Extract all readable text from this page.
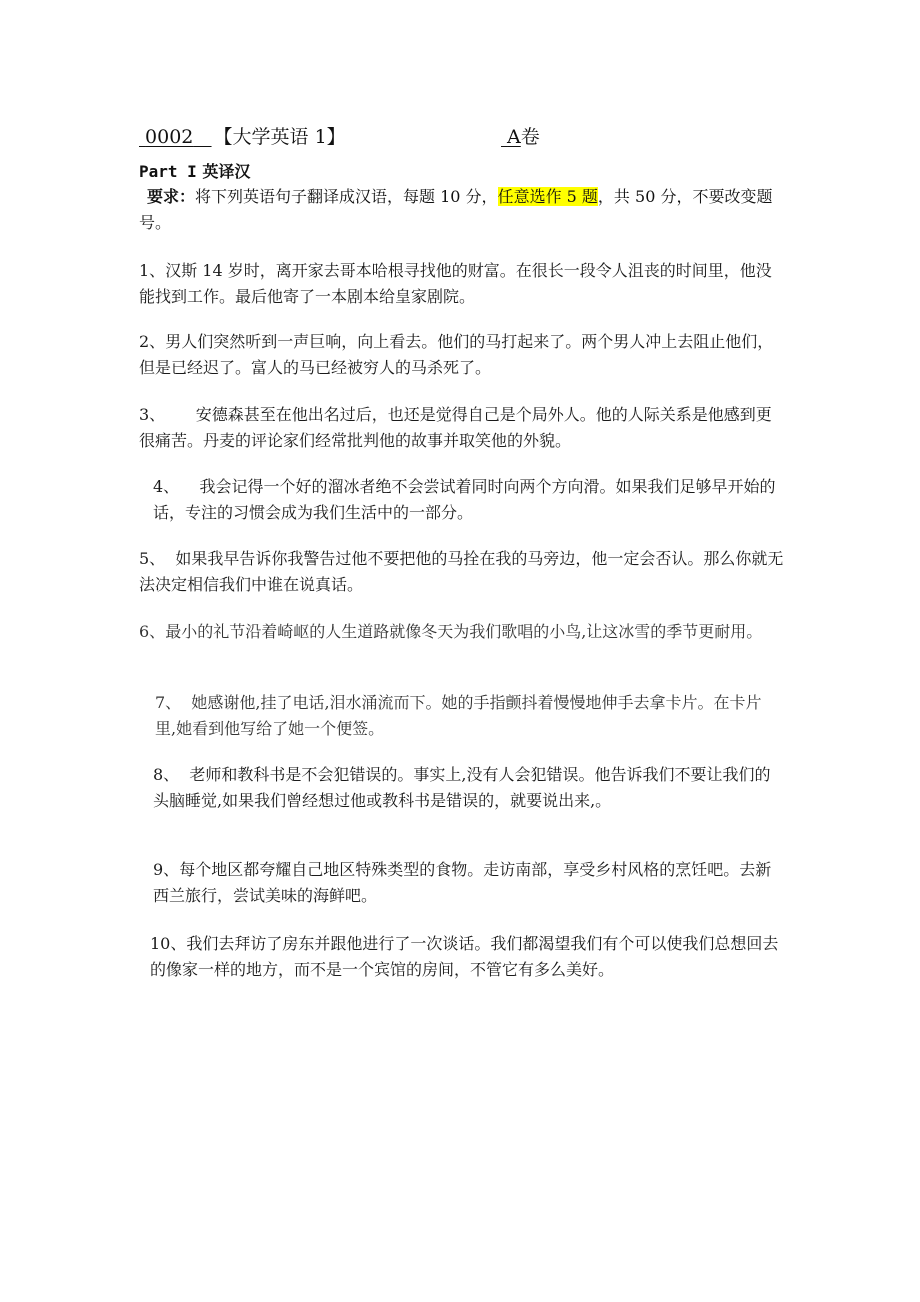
0002 【大学英语 1】	A卷
Part I 英译汉
要求：将下列英语句子翻译成汉语，每题 10 分，任意选作 5 题，共 50 分，不要改变题号。
1、汉斯 14 岁时，离开家去哥本哈根寻找他的财富。在很长一段令人沮丧的时间里，他没能找到工作。最后他寄了一本剧本给皇家剧院。
2、男人们突然听到一声巨响，向上看去。他们的马打起来了。两个男人冲上去阻止他们，但是已经迟了。富人的马已经被穷人的马杀死了。
3、 安德森甚至在他出名过后，也还是觉得自己是个局外人。他的人际关系是他感到更很痛苦。丹麦的评论家们经常批判他的故事并取笑他的外貌。
4、 我会记得一个好的溜冰者绝不会尝试着同时向两个方向滑。如果我们足够早开始的话，专注的习惯会成为我们生活中的一部分。
5、 如果我早告诉你我警告过他不要把他的马拴在我的马旁边，他一定会否认。那么你就无法决定相信我们中谁在说真话。
6、最小的礼节沿着崎岖的人生道路就像冬天为我们歌唱的小鸟,让这冰雪的季节更耐用。
7、 她感谢他,挂了电话,泪水涌流而下。她的手指颤抖着慢慢地伸手去拿卡片。在卡片里,她看到他写给了她一个便签。
8、 老师和教科书是不会犯错误的。事实上,没有人会犯错误。他告诉我们不要让我们的头脑睡觉,如果我们曾经想过他或教科书是错误的，就要说出来,。
9、每个地区都夸耀自己地区特殊类型的食物。走访南部，享受乡村风格的烹饪吧。去新西兰旅行，尝试美味的海鲜吧。
10、我们去拜访了房东并跟他进行了一次谈话。我们都渴望我们有个可以使我们总想回去的像家一样的地方，而不是一个宾馆的房间，不管它有多么美好。
